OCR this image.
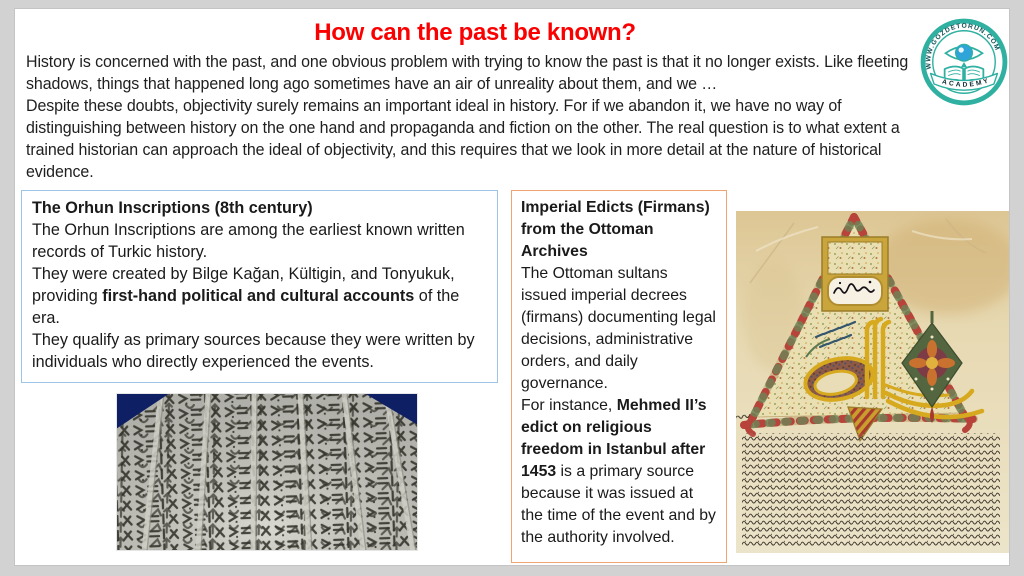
How can the past be known?

History is concerned with the past, and one obvious problem with trying to know the past is that it no longer exists. Like fleeting shadows, things that happened long ago sometimes have an air of unreality about them, and we …

Despite these doubts, objectivity surely remains an important ideal in history. For if we abandon it, we have no way of distinguishing between history on the one hand and propaganda and fiction on the other. The real question is to what extent a trained historian can approach the ideal of objectivity, and this requires that we look in more detail at the nature of historical evidence.

WWW.GOZDETORUN.COM
ACADEMY
The Orhun Inscriptions (8th century)

The Orhun Inscriptions are among the earliest known written records of Turkic history.

They were created by Bilge Kağan, Kültigin, and Tonyukuk, providing first-hand political and cultural accounts of the era.

They qualify as primary sources because they were written by individuals who directly experienced the events.

Imperial Edicts (Firmans) from the Ottoman Archives

The Ottoman sultans issued imperial decrees (firmans) documenting legal decisions, administrative orders, and daily governance.

For instance, Mehmed II’s edict on religious freedom in Istanbul after 1453 is a primary source because it was issued at the time of the event and by the authority involved.
